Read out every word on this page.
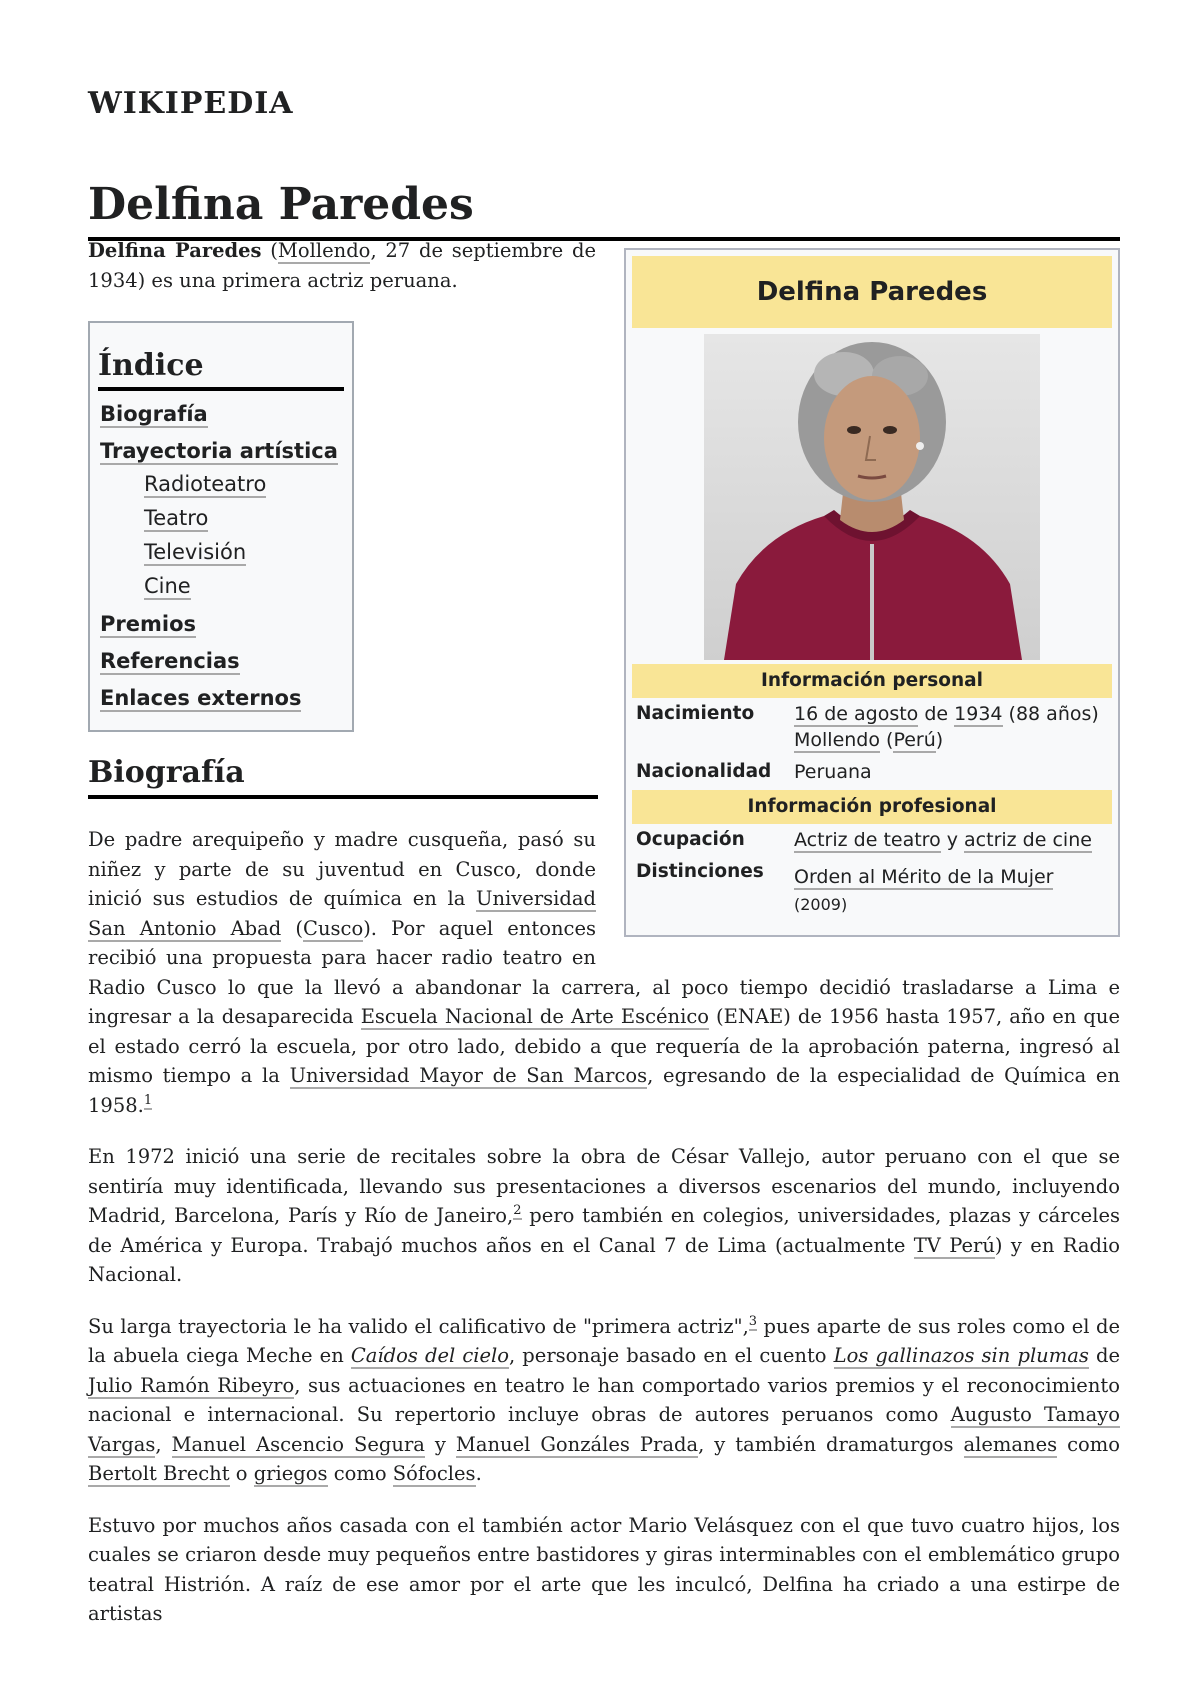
WIKIPEDIA
Delfina Paredes
Delfina Paredes
Información personal
Nacimiento	16 de agosto de 1934 (88 años)
Mollendo (Perú)
Nacionalidad	Peruana
Información profesional
Ocupación	Actriz de teatro y actriz de cine
Distinciones	Orden al Mérito de la Mujer (2009)

Delfina Paredes (Mollendo, 27 de septiembre de 1934) es una primera actriz peruana.

Índice
Biografía
Trayectoria artística
Radioteatro
Teatro
Televisión
Cine
Premios
Referencias
Enlaces externos
Biografía

De padre arequipeño y madre cusqueña, pasó su niñez y parte de su juventud en Cusco, donde inició sus estudios de química en la Universidad San Antonio Abad (Cusco). Por aquel entonces recibió una propuesta para hacer radio teatro en Radio Cusco lo que la llevó a abandonar la carrera, al poco tiempo decidió trasladarse a Lima e ingresar a la desaparecida Escuela Nacional de Arte Escénico (ENAE) de 1956 hasta 1957, año en que el estado cerró la escuela, por otro lado, debido a que requería de la aprobación paterna, ingresó al mismo tiempo a la Universidad Mayor de San Marcos, egresando de la especialidad de Química en 1958.$^1$

En 1972 inició una serie de recitales sobre la obra de César Vallejo, autor peruano con el que se sentiría muy identificada, llevando sus presentaciones a diversos escenarios del mundo, incluyendo Madrid, Barcelona, París y Río de Janeiro,$^2$ pero también en colegios, universidades, plazas y cárceles de América y Europa. Trabajó muchos años en el Canal 7 de Lima (actualmente TV Perú) y en Radio Nacional.

Su larga trayectoria le ha valido el calificativo de "primera actriz",$^3$ pues aparte de sus roles como el de la abuela ciega Meche en Caídos del cielo, personaje basado en el cuento Los gallinazos sin plumas de Julio Ramón Ribeyro, sus actuaciones en teatro le han comportado varios premios y el reconocimiento nacional e internacional. Su repertorio incluye obras de autores peruanos como Augusto Tamayo Vargas, Manuel Ascencio Segura y Manuel Gonzáles Prada, y también dramaturgos alemanes como Bertolt Brecht o griegos como Sófocles.

Estuvo por muchos años casada con el también actor Mario Velásquez con el que tuvo cuatro hijos, los cuales se criaron desde muy pequeños entre bastidores y giras interminables con el emblemático grupo teatral Histrión. A raíz de ese amor por el arte que les inculcó, Delfina ha criado a una estirpe de artistas
